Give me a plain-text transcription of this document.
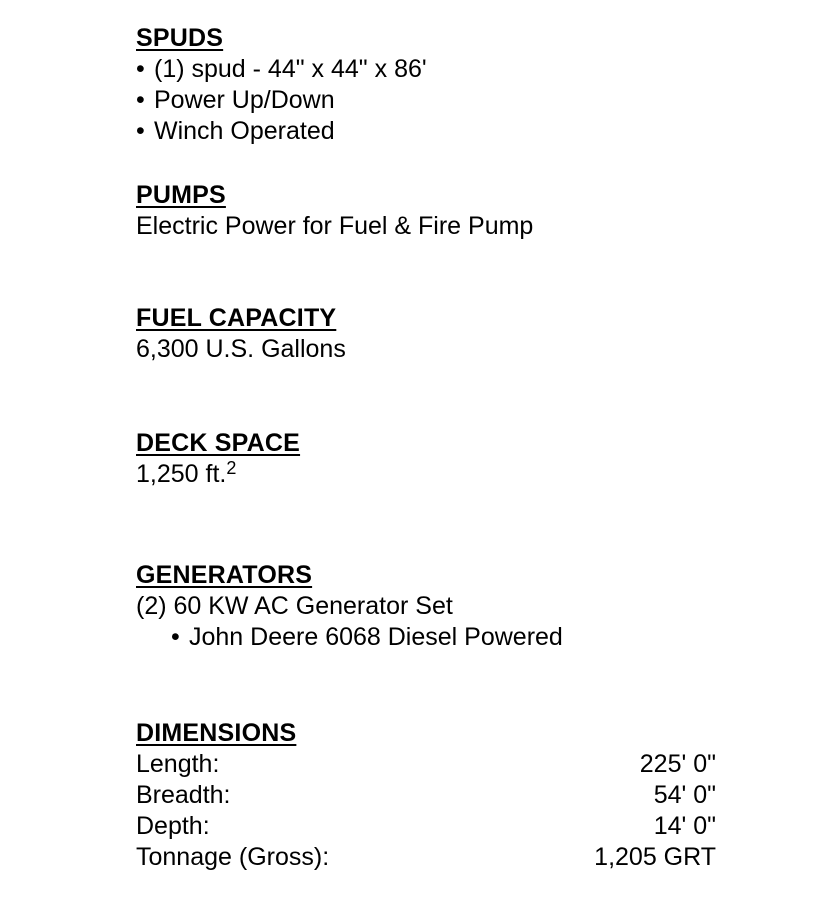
SPUDS
• (1) spud - 44" x 44" x 86'
• Power Up/Down
• Winch Operated
PUMPS
Electric Power for Fuel & Fire Pump
FUEL CAPACITY
6,300 U.S. Gallons
DECK SPACE
1,250 ft.$^2$
GENERATORS
(2) 60 KW AC Generator Set
• John Deere 6068 Diesel Powered
DIMENSIONS
Length:	225' 0"
Breadth:	54' 0"
Depth:	14' 0"
Tonnage (Gross):	1,205 GRT
